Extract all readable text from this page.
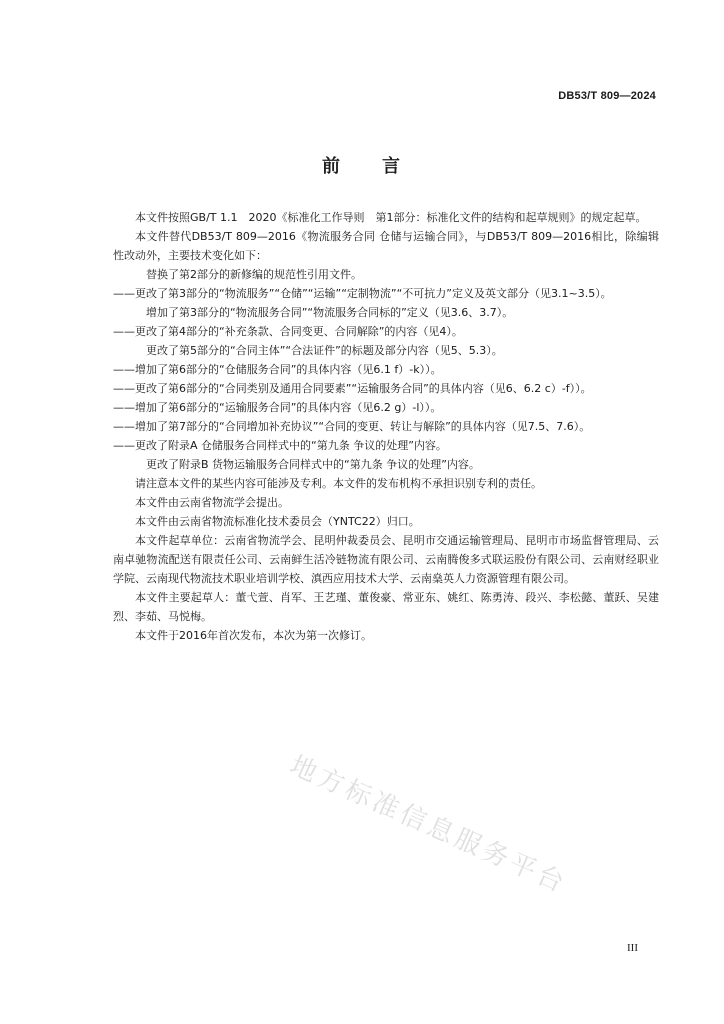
DB53/T 809—2024
前　　言

本文件按照GB/T 1.1　2020《标准化工作导则　第1部分：标准化文件的结构和起草规则》的规定起草。

本文件替代DB53/T 809—2016《物流服务合同 仓储与运输合同》，与DB53/T 809—2016相比，除编辑性改动外，主要技术变化如下：

替换了第2部分的新修编的规范性引用文件。

——更改了第3部分的“物流服务”“仓储”“运输”“定制物流”“不可抗力”定义及英文部分（见3.1~3.5）。

增加了第3部分的“物流服务合同”“物流服务合同标的”定义（见3.6、3.7）。

——更改了第4部分的“补充条款、合同变更、合同解除”的内容（见4）。

更改了第5部分的“合同主体”“合法证件”的标题及部分内容（见5、5.3）。

——增加了第6部分的“仓储服务合同”的具体内容（见6.1 f）-k））。

——更改了第6部分的“合同类别及通用合同要素”“运输服务合同”的具体内容（见6、6.2 c）-f））。

——增加了第6部分的“运输服务合同”的具体内容（见6.2 g）-l））。

——增加了第7部分的“合同增加补充协议”“合同的变更、转让与解除”的具体内容（见7.5、7.6）。

——更改了附录A 仓储服务合同样式中的“第九条 争议的处理”内容。

更改了附录B 货物运输服务合同样式中的“第九条 争议的处理”内容。

请注意本文件的某些内容可能涉及专利。本文件的发布机构不承担识别专利的责任。

本文件由云南省物流学会提出。

本文件由云南省物流标准化技术委员会（YNTC22）归口。

本文件起草单位：云南省物流学会、昆明仲裁委员会、昆明市交通运输管理局、昆明市市场监督管理局、云南卓驰物流配送有限责任公司、云南鲜生活冷链物流有限公司、云南腾俊多式联运股份有限公司、云南财经职业学院、云南现代物流技术职业培训学校、滇西应用技术大学、云南燊英人力资源管理有限公司。

本文件主要起草人：董弋萱、肖军、王艺瑾、董俊豪、常亚东、姚红、陈勇涛、段兴、李松懿、董跃、吴建烈、李茹、马悦梅。

本文件于2016年首次发布，本次为第一次修订。

地方标准信息服务平台
III
